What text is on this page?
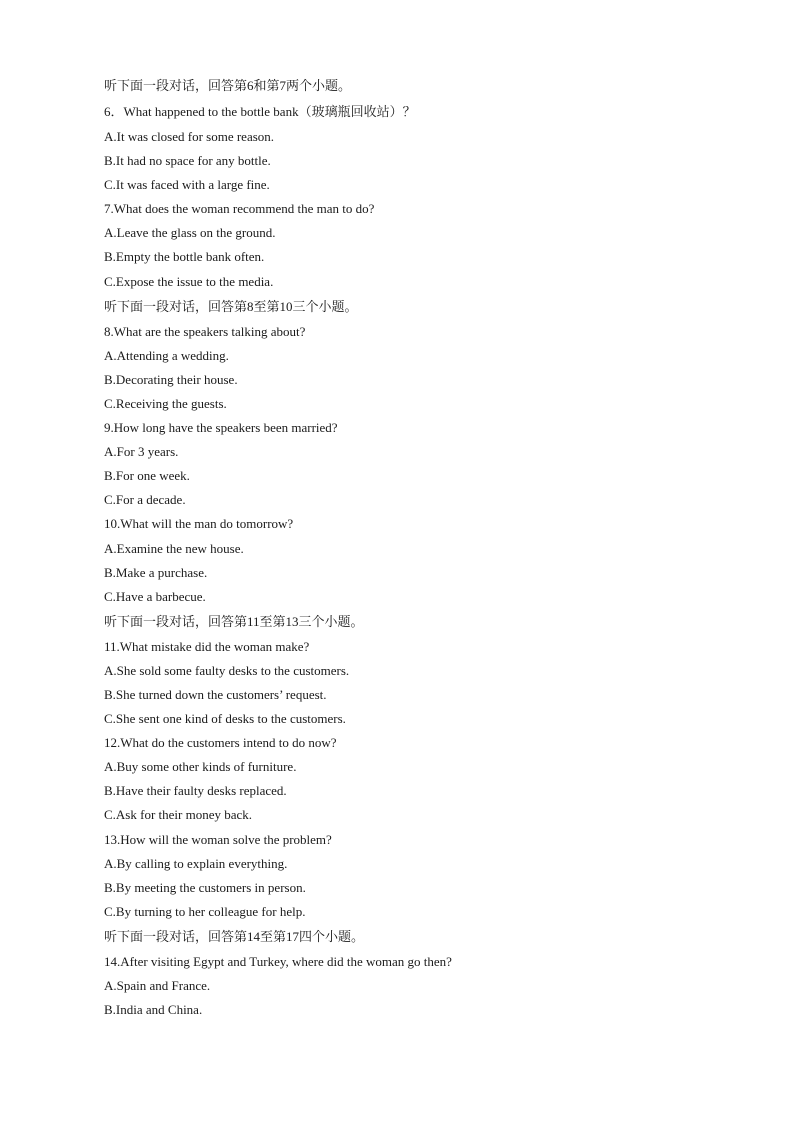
听下面一段对话，回答第6和第7两个小题。
6．What happened to the bottle bank（玻璃瓶回收站）？
A.It was closed for some reason.
B.It had no space for any bottle.
C.It was faced with a large fine.
7.What does the woman recommend the man to do?
A.Leave the glass on the ground.
B.Empty the bottle bank often.
C.Expose the issue to the media.
听下面一段对话，回答第8至第10三个小题。
8.What are the speakers talking about?
A.Attending a wedding.
B.Decorating their house.
C.Receiving the guests.
9.How long have the speakers been married?
A.For 3 years.
B.For one week.
C.For a decade.
10.What will the man do tomorrow?
A.Examine the new house.
B.Make a purchase.
C.Have a barbecue.
听下面一段对话，回答第11至第13三个小题。
11.What mistake did the woman make?
A.She sold some faulty desks to the customers.
B.She turned down the customers’ request.
C.She sent one kind of desks to the customers.
12.What do the customers intend to do now?
A.Buy some other kinds of furniture.
B.Have their faulty desks replaced.
C.Ask for their money back.
13.How will the woman solve the problem?
A.By calling to explain everything.
B.By meeting the customers in person.
C.By turning to her colleague for help.
听下面一段对话，回答第14至第17四个小题。
14.After visiting Egypt and Turkey, where did the woman go then?
A.Spain and France.
B.India and China.
